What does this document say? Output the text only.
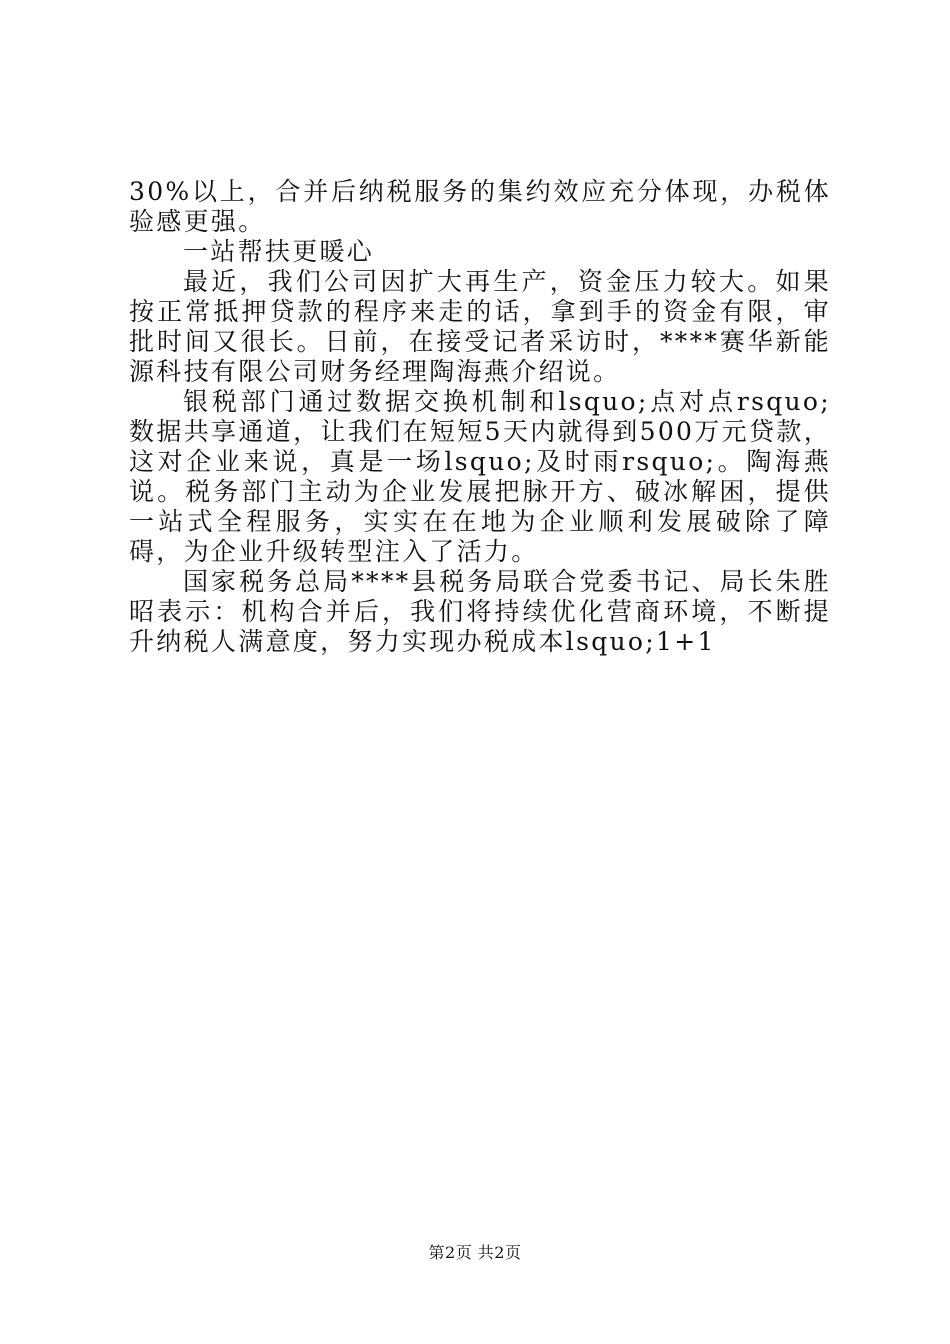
30%以上，合并后纳税服务的集约效应充分体现，办税体验感更强。

一站帮扶更暖心

最近，我们公司因扩大再生产，资金压力较大。如果按正常抵押贷款的程序来走的话，拿到手的资金有限，审批时间又很长。日前，在接受记者采访时，****赛华新能源科技有限公司财务经理陶海燕介绍说。

银税部门通过数据交换机制和lsquo;点对点rsquo;数据共享通道，让我们在短短5天内就得到500万元贷款，这对企业来说，真是一场lsquo;及时雨rsquo;。陶海燕说。税务部门主动为企业发展把脉开方、破冰解困，提供一站式全程服务，实实在在地为企业顺利发展破除了障碍，为企业升级转型注入了活力。

国家税务总局****县税务局联合党委书记、局长朱胜昭表示：机构合并后，我们将持续优化营商环境，不断提升纳税人满意度，努力实现办税成本lsquo;1+1

第2页 共2页
